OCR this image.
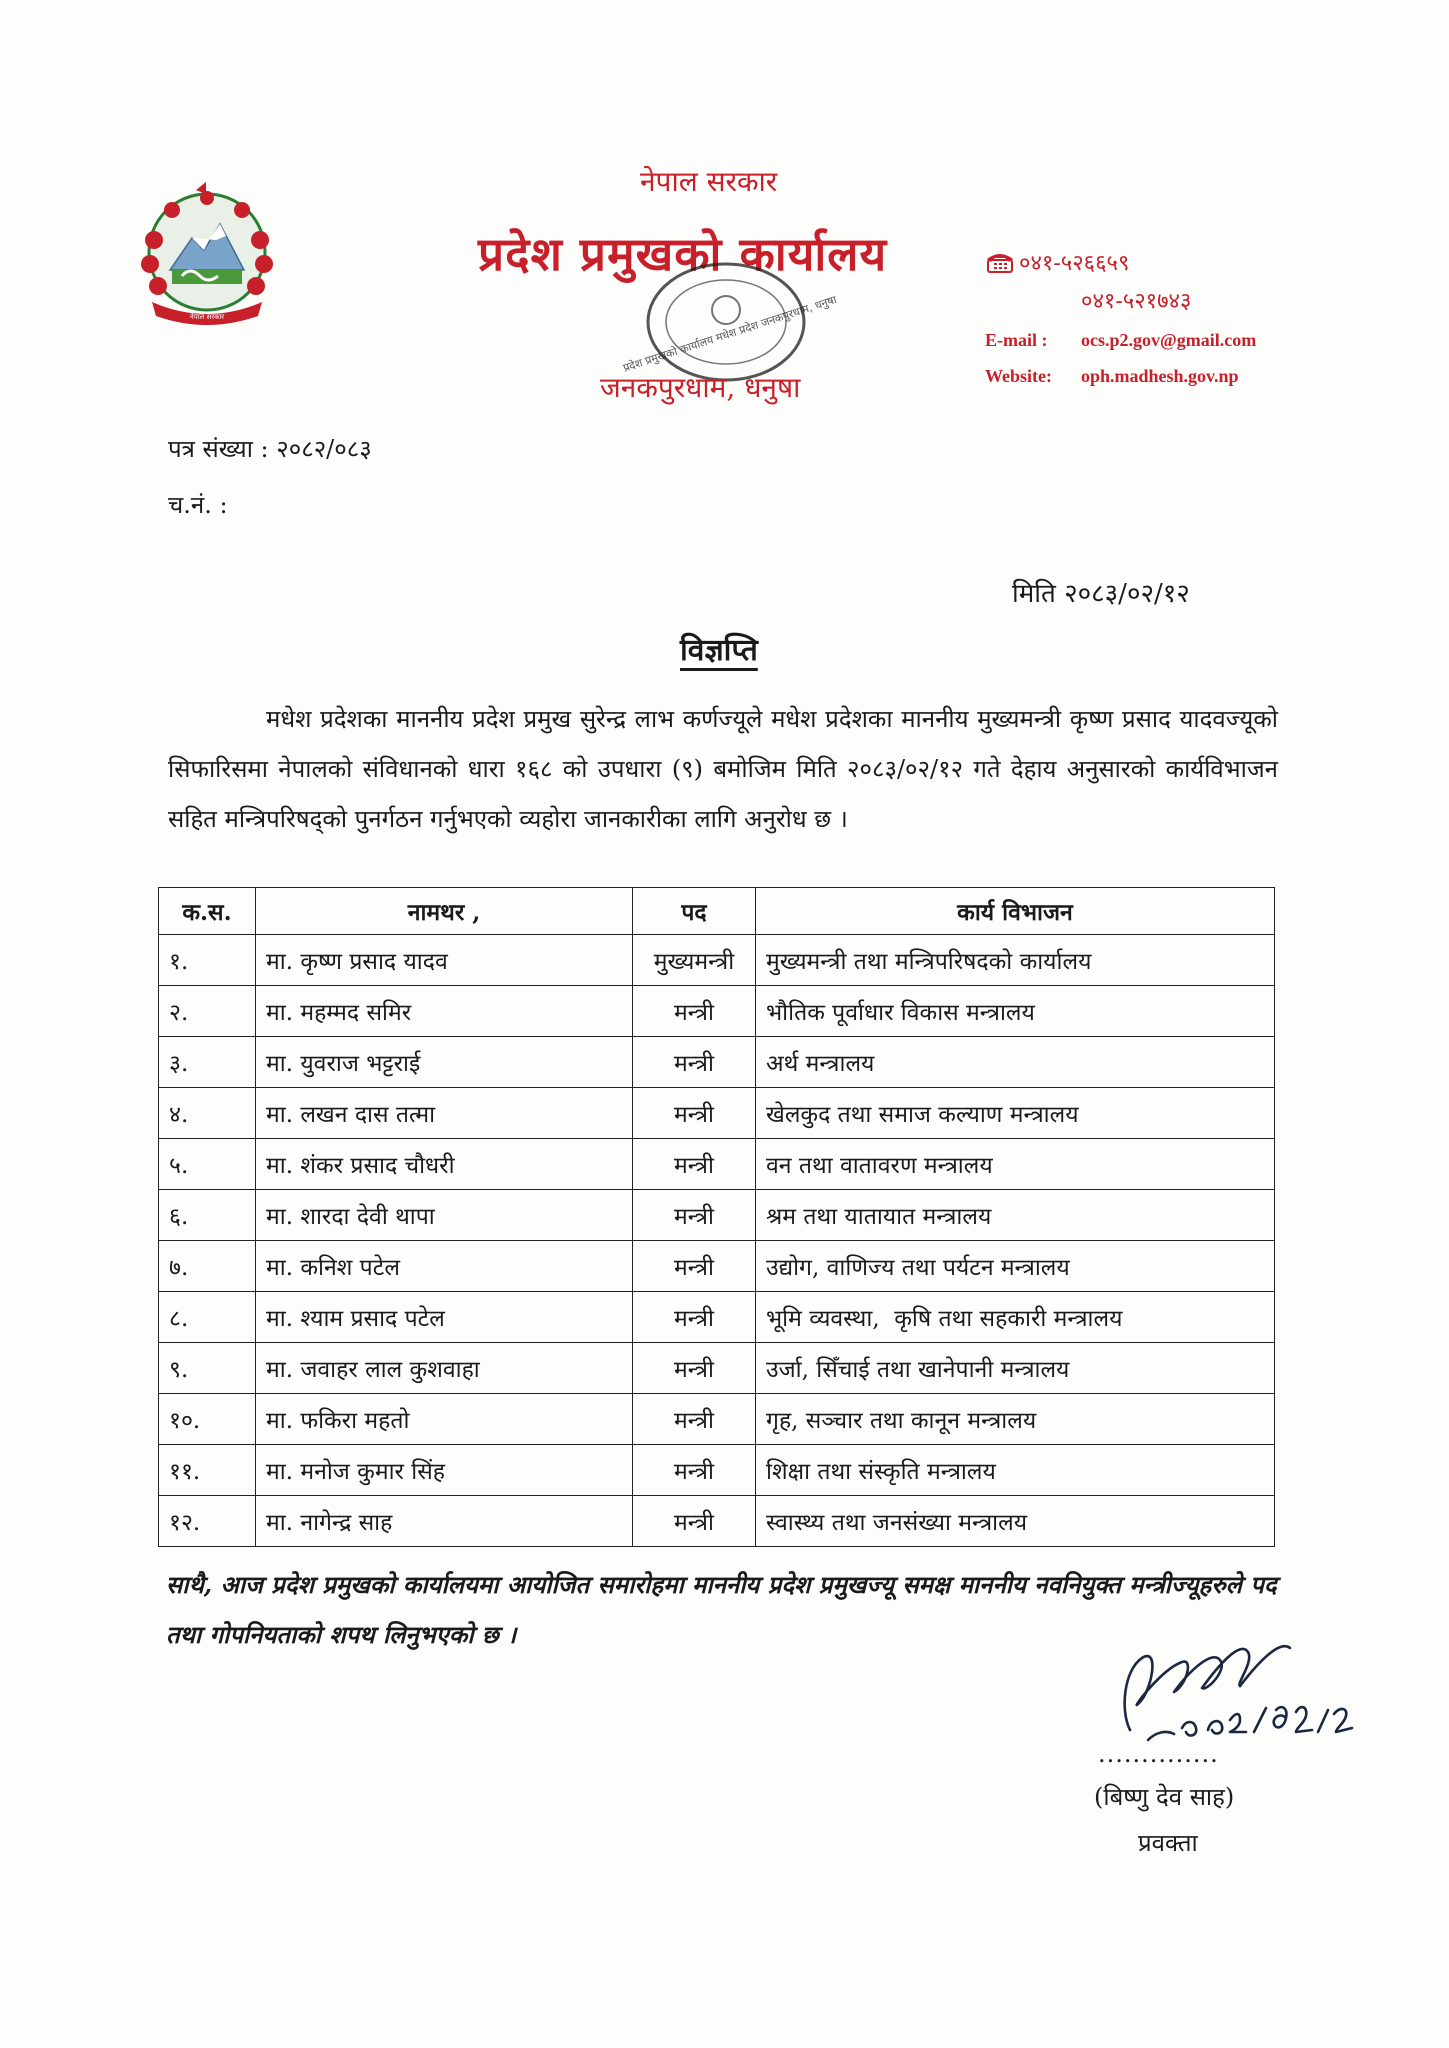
नेपाल सरकार
नेपाल सरकार
प्रदेश प्रमुखको कार्यालय
प्रदेश प्रमुखको कार्यालय मधेश प्रदेश जनकपुरधाम, धनुषा
जनकपुरधाम, धनुषा
०४१-५२६६५९
०४१-५२१७४३
E-mail : ocs.p2.gov@gmail.com
Website: oph.madhesh.gov.np
पत्र संख्या : २०८२/०८३
च.नं. :
मिति २०८३/०२/१२
विज्ञप्ति

मधेश प्रदेशका माननीय प्रदेश प्रमुख सुरेन्द्र लाभ कर्णज्यूले मधेश प्रदेशका माननीय मुख्यमन्त्री कृष्ण प्रसाद यादवज्यूको सिफारिसमा नेपालको संविधानको धारा १६८ को उपधारा (९) बमोजिम मिति २०८३/०२/१२ गते देहाय अनुसारको कार्यविभाजन सहित मन्त्रिपरिषद्को पुनर्गठन गर्नुभएको व्यहोरा जानकारीका लागि अनुरोध छ ।

क.स.	नामथर ,	पद	कार्य विभाजन
१.	मा. कृष्ण प्रसाद यादव	मुख्यमन्त्री	मुख्यमन्त्री तथा मन्त्रिपरिषदको कार्यालय
२.	मा. महम्मद समिर	मन्त्री	भौतिक पूर्वाधार विकास मन्त्रालय
३.	मा. युवराज भट्टराई	मन्त्री	अर्थ मन्त्रालय
४.	मा. लखन दास तत्मा	मन्त्री	खेलकुद तथा समाज कल्याण मन्त्रालय
५.	मा. शंकर प्रसाद चौधरी	मन्त्री	वन तथा वातावरण मन्त्रालय
६.	मा. शारदा देवी थापा	मन्त्री	श्रम तथा यातायात मन्त्रालय
७.	मा. कनिश पटेल	मन्त्री	उद्योग, वाणिज्य तथा पर्यटन मन्त्रालय
८.	मा. श्याम प्रसाद पटेल	मन्त्री	भूमि व्यवस्था,  कृषि तथा सहकारी मन्त्रालय
९.	मा. जवाहर लाल कुशवाहा	मन्त्री	उर्जा, सिँचाई तथा खानेपानी मन्त्रालय
१०.	मा. फकिरा महतो	मन्त्री	गृह, सञ्चार तथा कानून मन्त्रालय
११.	मा. मनोज कुमार सिंह	मन्त्री	शिक्षा तथा संस्कृति मन्त्रालय
१२.	मा. नागेन्द्र साह	मन्त्री	स्वास्थ्य तथा जनसंख्या मन्त्रालय

साथै, आज प्रदेश प्रमुखको कार्यालयमा आयोजित समारोहमा माननीय प्रदेश प्रमुखज्यू समक्ष माननीय नवनियुक्त मन्त्रीज्यूहरुले पद तथा गोपनियताको शपथ लिनुभएको छ ।

..............
(बिष्णु देव साह)
प्रवक्ता
